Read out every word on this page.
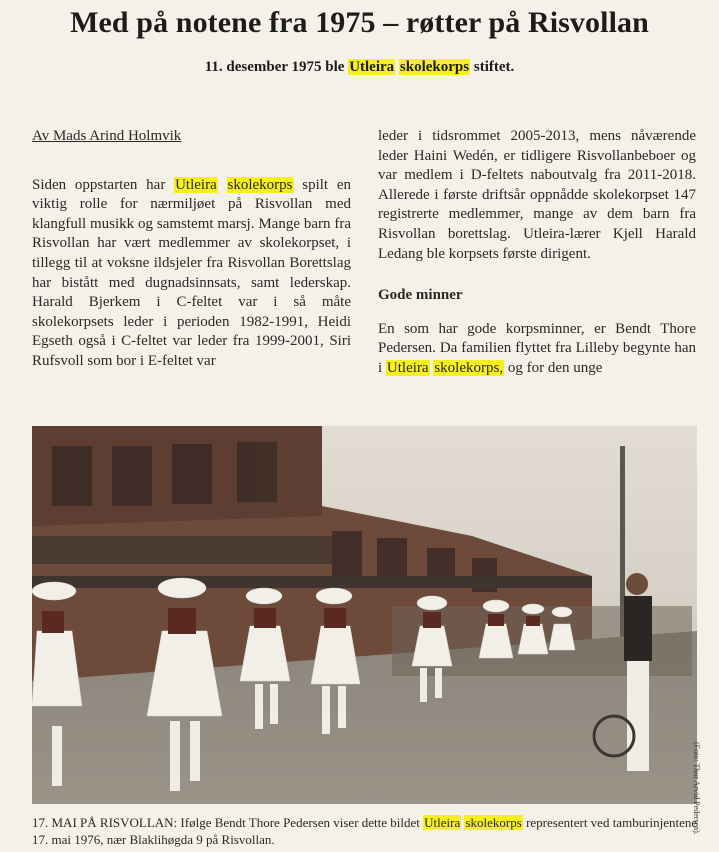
Med på notene fra 1975 – røtter på Risvollan
11. desember 1975 ble Utleira skolekorps stiftet.

Av Mads Arind Holmvik

Siden oppstarten har Utleira skolekorps spilt en viktig rolle for nærmiljøet på Risvollan med klangfull musikk og samstemt marsj. Mange barn fra Risvollan har vært medlemmer av skolekorpset, i tillegg til at voksne ildsjeler fra Risvollan Borettslag har bistått med dugnadsinnsats, samt lederskap. Harald Bjerkem i C-feltet var i så måte skolekorpsets leder i perioden 1982-1991, Heidi Egseth også i C-feltet var leder fra 1999-2001, Siri Rufsvoll som bor i E-feltet var

leder i tidsrommet 2005-2013, mens nåværende leder Haini Wedén, er tidligere Risvollanbeboer og var medlem i D-feltets naboutvalg fra 2011-2018. Allerede i første driftsår oppnådde skolekorpset 147 registrerte medlemmer, mange av dem barn fra Risvollan borettslag. Utleira-lærer Kjell Harald Ledang ble korpsets første dirigent.

Gode minner

En som har gode korpsminner, er Bendt Thore Pedersen. Da familien flyttet fra Lilleby begynte han i Utleira skolekorps, og for den unge

(Foto: Thor Arvid Pedersen).

17. MAI PÅ RISVOLLAN: Ifølge Bendt Thore Pedersen viser dette bildet Utleira skolekorps representert ved tamburinjentene 17. mai 1976, nær Blaklihøgda 9 på Risvollan.
